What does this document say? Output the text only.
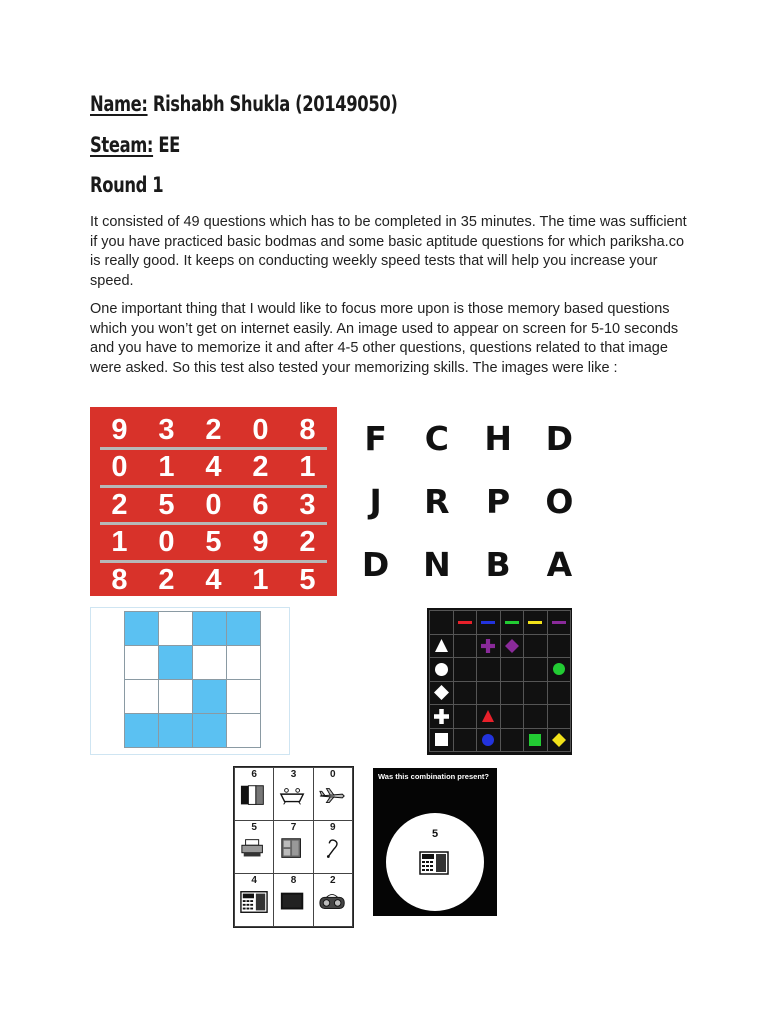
Name: Rishabh Shukla (20149050)
Steam: EE
Round 1

It consisted of 49 questions which has to be completed in 35 minutes. The time was sufficient if you have practiced basic bodmas and some basic aptitude questions for which pariksha.co is really good. It keeps on conducting weekly speed tests that will help you increase your speed.

One important thing that I would like to focus more upon is those memory based questions which you won’t get on internet easily. An image used to appear on screen for 5-10 seconds and you have to memorize it and after 4-5 other questions, questions related to that image were asked. So this test also tested your memorizing skills. The images were like :

9	3	2	0	8
0	1	4	2	1
2	5	0	6	3
1	0	5	9	2
8	2	4	1	5
F	C	H	D
J	R	P	O
D	N	B	A

6	3	0

5	7	9

4	8	2
Was this combination present?
5
